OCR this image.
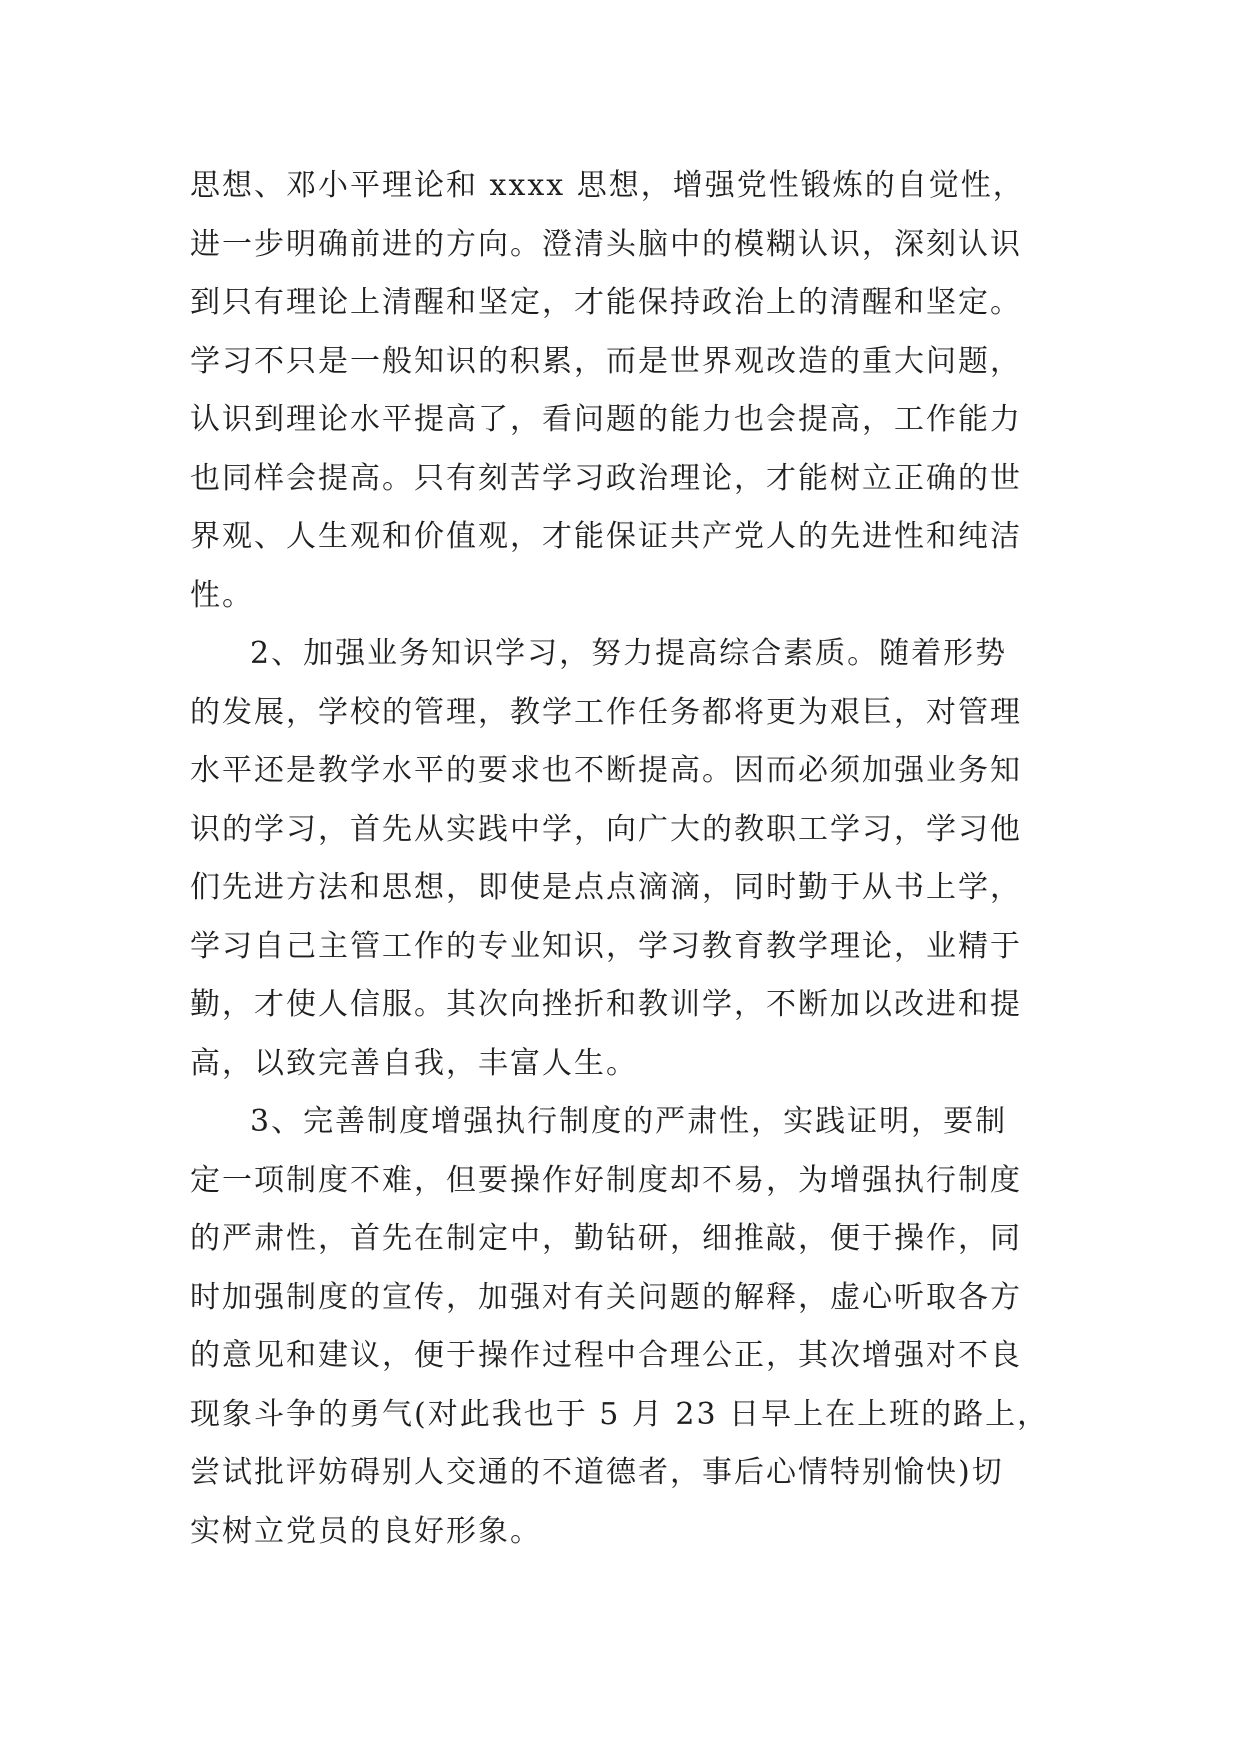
思想、邓小平理论和 xxxx 思想，增强党性锻炼的自觉性，
进一步明确前进的方向。澄清头脑中的模糊认识，深刻认识
到只有理论上清醒和坚定，才能保持政治上的清醒和坚定。
学习不只是一般知识的积累，而是世界观改造的重大问题，
认识到理论水平提高了，看问题的能力也会提高，工作能力
也同样会提高。只有刻苦学习政治理论，才能树立正确的世
界观、人生观和价值观，才能保证共产党人的先进性和纯洁
性。
2、加强业务知识学习，努力提高综合素质。随着形势
的发展，学校的管理，教学工作任务都将更为艰巨，对管理
水平还是教学水平的要求也不断提高。因而必须加强业务知
识的学习，首先从实践中学，向广大的教职工学习，学习他
们先进方法和思想，即使是点点滴滴，同时勤于从书上学，
学习自己主管工作的专业知识，学习教育教学理论，业精于
勤，才使人信服。其次向挫折和教训学，不断加以改进和提
高，以致完善自我，丰富人生。
3、完善制度增强执行制度的严肃性，实践证明，要制
定一项制度不难，但要操作好制度却不易，为增强执行制度
的严肃性，首先在制定中，勤钻研，细推敲，便于操作，同
时加强制度的宣传，加强对有关问题的解释，虚心听取各方
的意见和建议，便于操作过程中合理公正，其次增强对不良
现象斗争的勇气(对此我也于 5 月 23 日早上在上班的路上，
尝试批评妨碍别人交通的不道德者，事后心情特别愉快)切
实树立党员的良好形象。
